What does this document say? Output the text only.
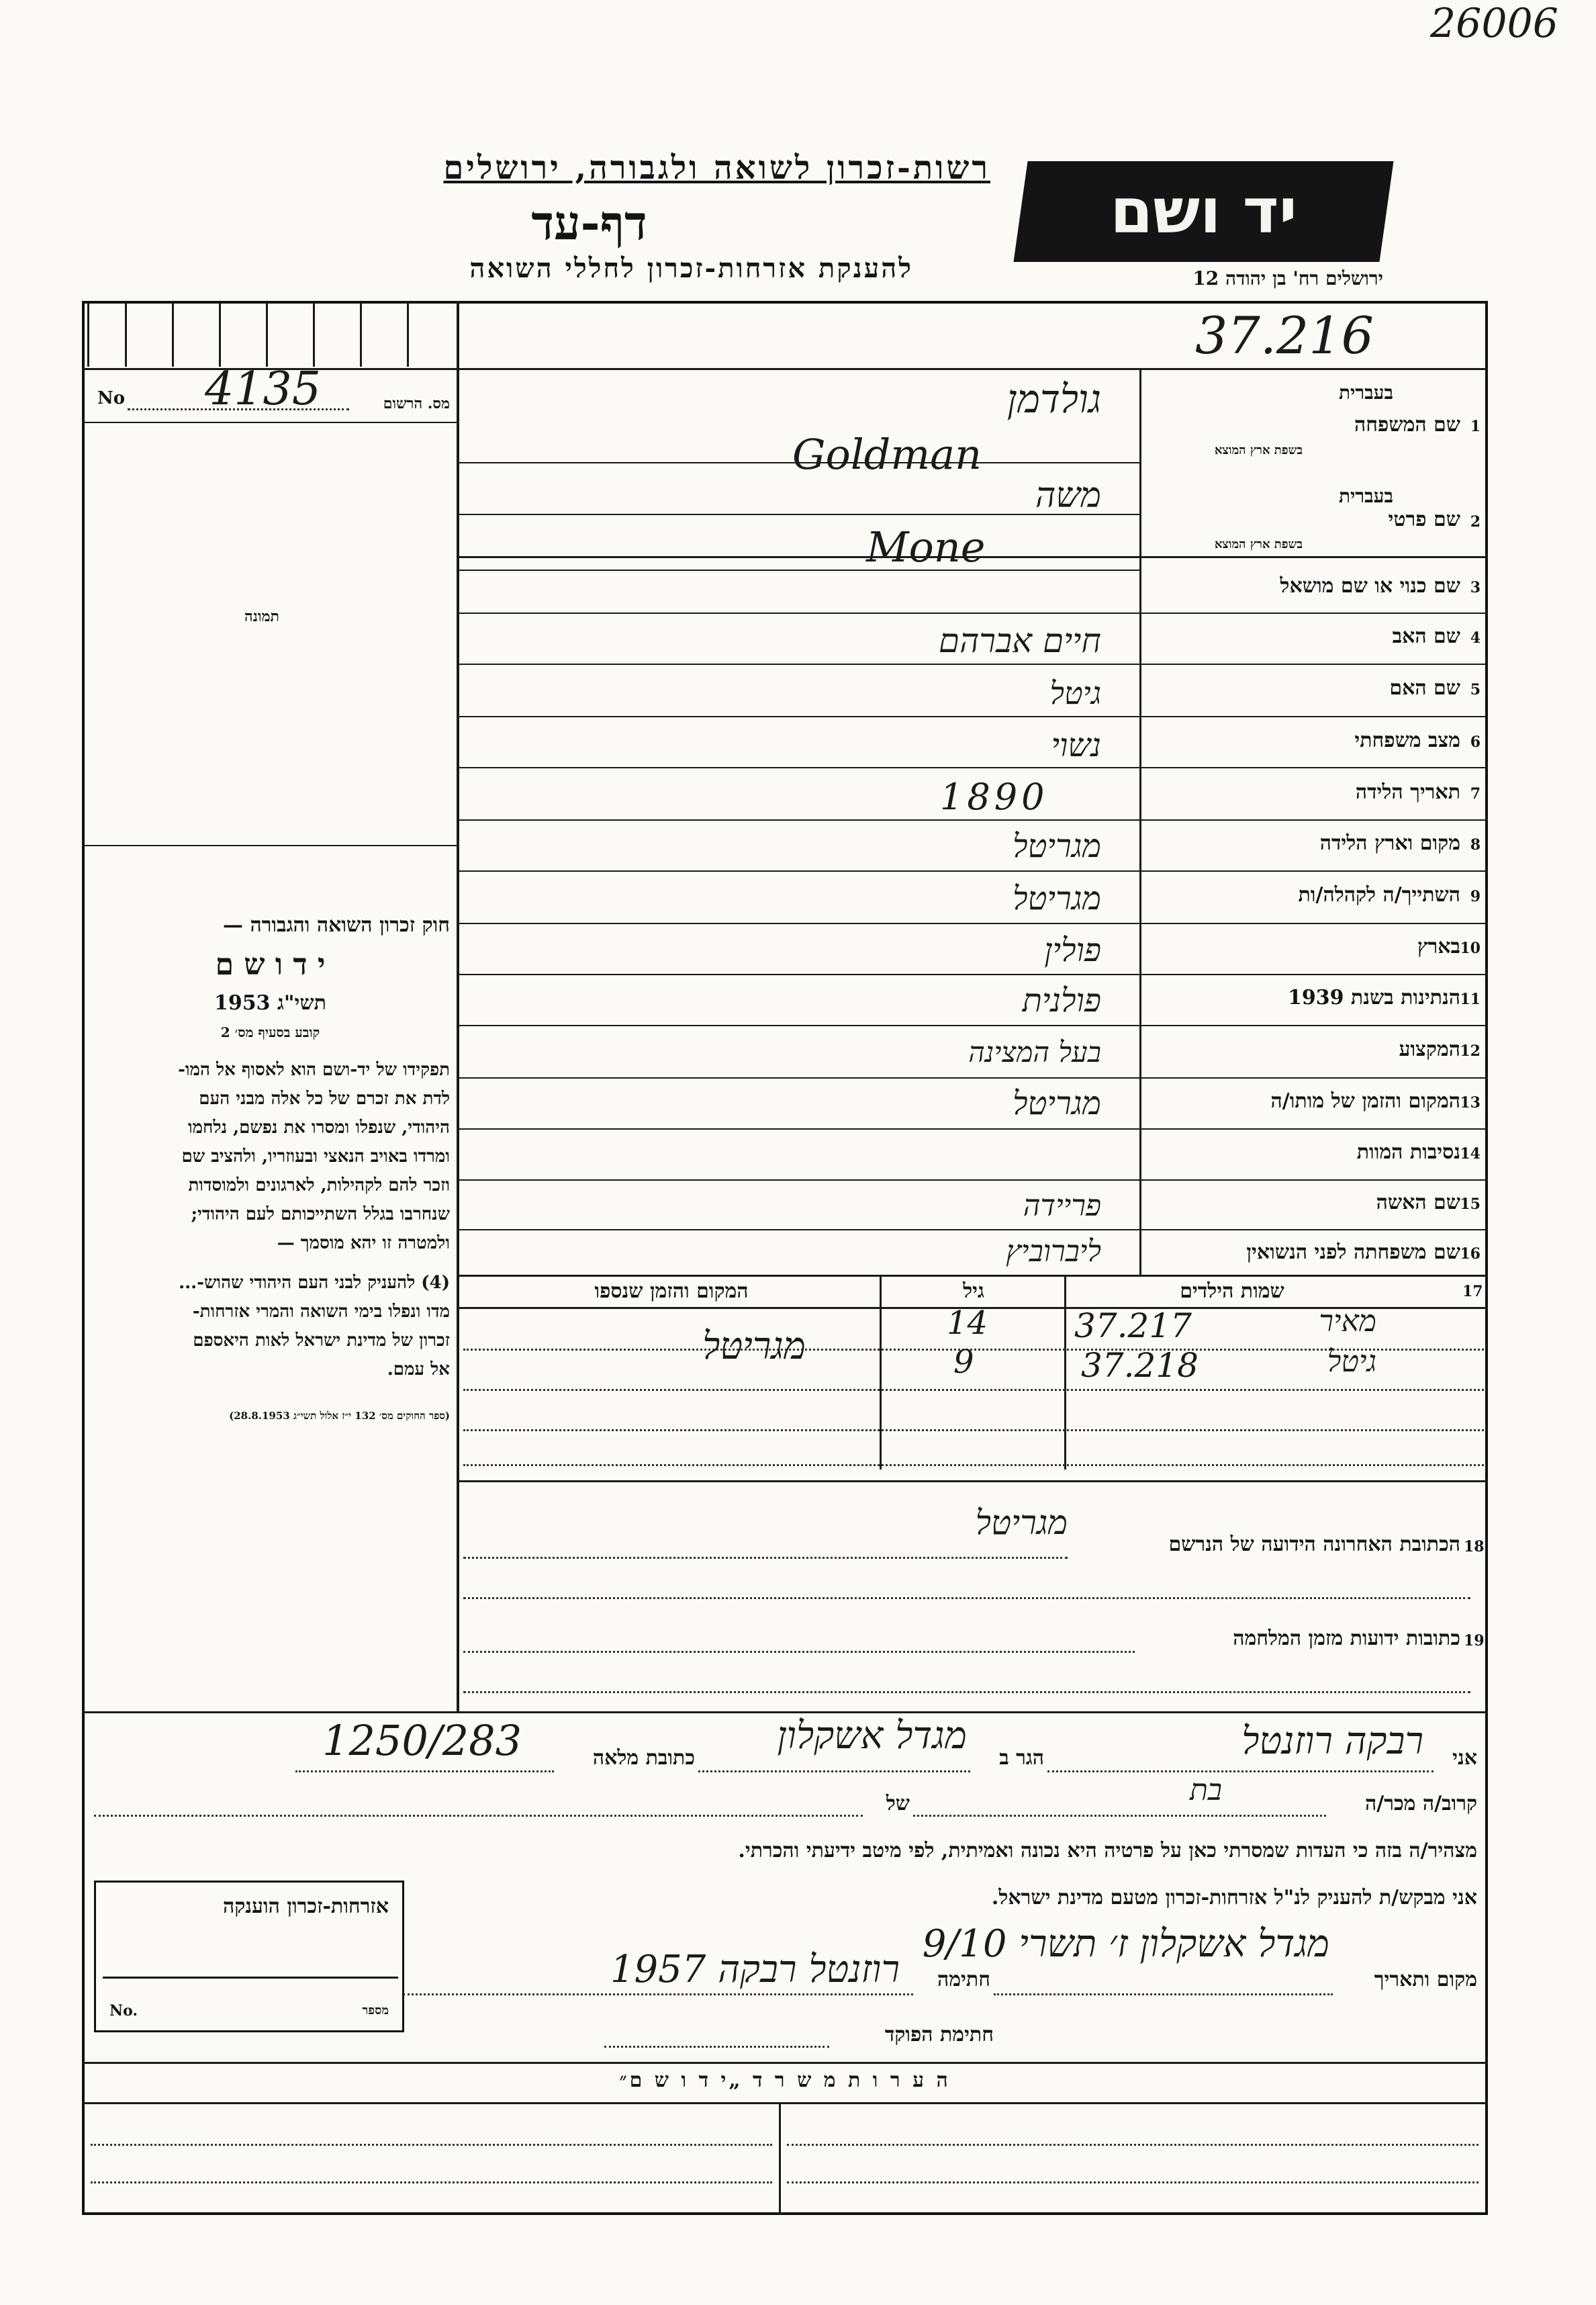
26006
רשות-זכרון לשואה ולגבורה, ירושלים
דף-עד
להענקת אזרחות-זכרון לחללי השואה
יד ושם
ירושלים רח' בן יהודה 12
37.216
No 4135	מס. הרשום
תמונה
חוק זכרון השואה והגבורה —
י ד ו ש ם
תשי"ג 1953
קובע בסעיף מס׳ 2
תפקידו של יד-ושם הוא לאסוף אל המו-
לדת את זכרם של כל אלה מבני העם
היהודי, שנפלו ומסרו את נפשם, נלחמו
ומרדו באויב הנאצי ובעוזריו, ולהציב שם
וזכר להם לקהילות, לארגונים ולמוסדות
שנחרבו בגלל השתייכותם לעם היהודי;
ולמטרה זו יהא מוסמך —
(4) להעניק לבני העם היהודי שהוש-...
מדו ונפלו בימי השואה והמרי אזרחות-
זכרון של מדינת ישראל לאות היאספם
אל עמם.
(ספר החוקים מס׳ 132 י״ז אלול תשי״ג 28.8.1953)
1
שם המשפחה
בעברית
בשפת ארץ המוצא
גולדמן
Goldman
2
שם פרטי
בעברית
בשפת ארץ המוצא
משה
Mone
3
שם כנוי או שם מושאל
4
שם האב
חיים אברהם
5
שם האם
גיטל
6
מצב משפחתי
נשוי
7
תאריך הלידה
1890
8
מקום וארץ הלידה
מגריטל
9
השתייך/ה לקהלה/ות
מגריטל
10
בארץ
פולין
11
הנתינות בשנת 1939
פולנית
12
המקצוע
בעל המצינה
13
המקום והזמן של מותו/ה
מגריטל
14
נסיבות המוות
15
שם האשה
פריידה
16
שם משפחתה לפני הנשואין
ליברוביץ
17
שמות הילדים
גיל
המקום והזמן שנספו
מאיר
37.217
14
גיטל
37.218
9
מגריטל
18
הכתובת האחרונה הידועה של הנרשם
מגריטל
19
כתובות ידועות מזמן המלחמה
אני
רבקה רוזנטל
הגר ב
מגדל אשקלון
כתובת מלאה
1250/283
קרוב/ה מכר/ה
בת
של
מצהיר/ה בזה כי העדות שמסרתי כאן על פרטיה היא נכונה ואמיתית, לפי מיטב ידיעתי והכרתי.
אני מבקש/ת להעניק לנ"ל אזרחות-זכרון מטעם מדינת ישראל.
מקום ותאריך
מגדל אשקלון ז׳ תשרי 9/10
חתימה
רוזנטל רבקה 1957
חתימת הפוקד
אזרחות-זכרון הוענקה
No.	מספר
ה ע ר ו ת מ ש ר ד „י ד ו ש ם״
